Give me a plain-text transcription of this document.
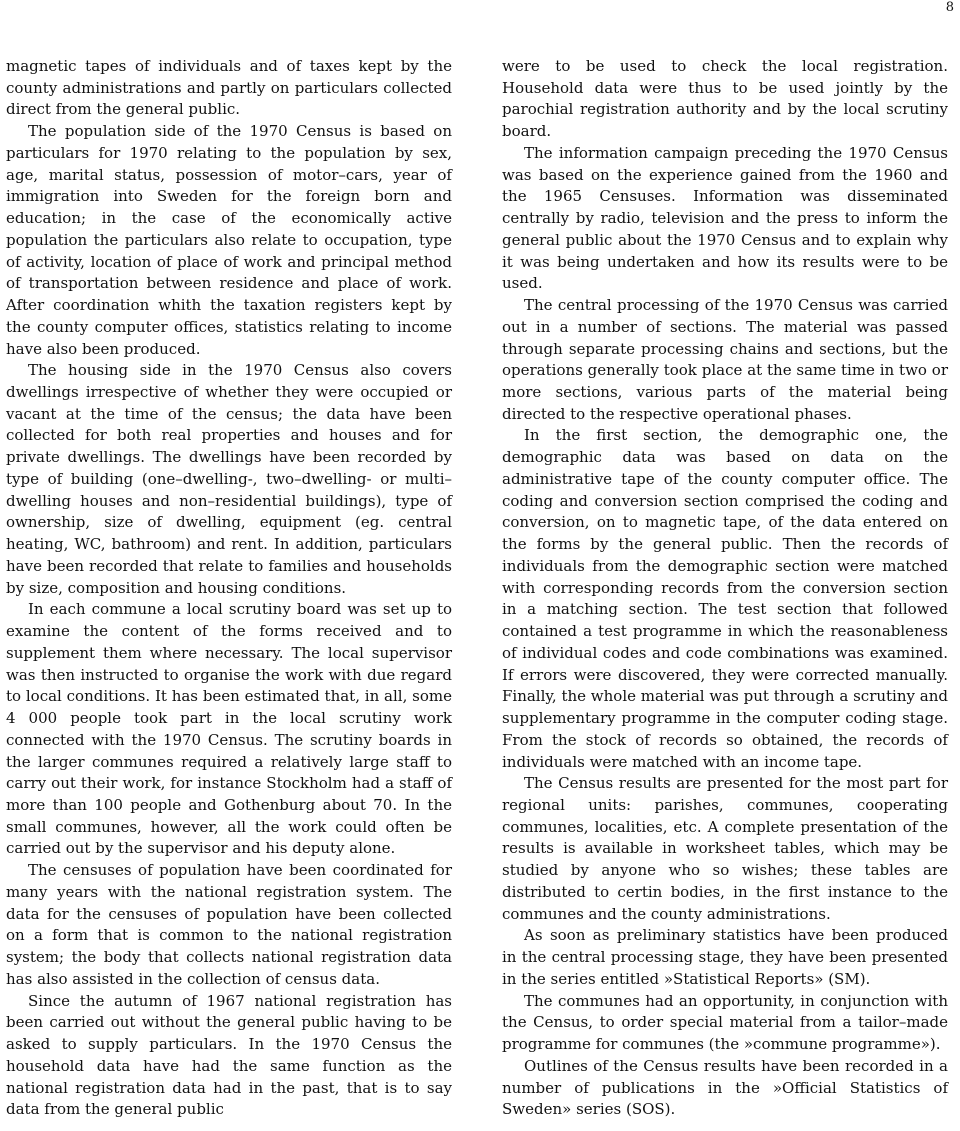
8

magnetic tapes of individuals and of taxes kept by the county administrations and partly on particulars collected direct from the general public.

The population side of the 1970 Census is based on particulars for 1970 relating to the population by sex, age, marital status, possession of motor–cars, year of immigration into Sweden for the foreign born and education; in the case of the economically active population the particulars also relate to occupation, type of activity, location of place of work and principal method of transportation between residence and place of work. After coordination whith the taxation registers kept by the county computer offices, statistics relating to income have also been produced.

The housing side in the 1970 Census also covers dwellings irrespective of whether they were occupied or vacant at the time of the census; the data have been collected for both real properties and houses and for private dwellings. The dwellings have been recorded by type of building (one–dwelling-, two–dwelling- or multi–dwelling houses and non–residential buildings), type of ownership, size of dwelling, equipment (eg. central heating, WC, bathroom) and rent. In addition, particulars have been recorded that relate to families and households by size, composition and housing conditions.

In each commune a local scrutiny board was set up to examine the content of the forms received and to supplement them where necessary. The local supervisor was then instructed to organise the work with due regard to local conditions. It has been estimated that, in all, some 4 000 people took part in the local scrutiny work connected with the 1970 Census. The scrutiny boards in the larger communes required a relatively large staff to carry out their work, for instance Stockholm had a staff of more than 100 people and Gothenburg about 70. In the small communes, however, all the work could often be carried out by the supervisor and his deputy alone.

The censuses of population have been coordinated for many years with the national registration system. The data for the censuses of population have been collected on a form that is common to the national registration system; the body that collects national registration data has also assisted in the collection of census data.

Since the autumn of 1967 national registration has been carried out without the general public having to be asked to supply particulars. In the 1970 Census the household data have had the same function as the national registration data had in the past, that is to say data from the general public

were to be used to check the local registration. Household data were thus to be used jointly by the parochial registration authority and by the local scrutiny board.

The information campaign preceding the 1970 Census was based on the experience gained from the 1960 and the 1965 Censuses. Information was disseminated centrally by radio, television and the press to inform the general public about the 1970 Census and to explain why it was being undertaken and how its results were to be used.

The central processing of the 1970 Census was carried out in a number of sections. The material was passed through separate processing chains and sections, but the operations generally took place at the same time in two or more sections, various parts of the material being directed to the respective operational phases.

In the first section, the demographic one, the demographic data was based on data on the administrative tape of the county computer office. The coding and conversion section comprised the coding and conversion, on to magnetic tape, of the data entered on the forms by the general public. Then the records of individuals from the demographic section were matched with corresponding records from the conversion section in a matching section. The test section that followed contained a test programme in which the reasonableness of individual codes and code combinations was examined. If errors were discovered, they were corrected manually. Finally, the whole material was put through a scrutiny and supplementary programme in the computer coding stage. From the stock of records so obtained, the records of individuals were matched with an income tape.

The Census results are presented for the most part for regional units: parishes, communes, cooperating communes, localities, etc. A complete presentation of the results is available in worksheet tables, which may be studied by anyone who so wishes; these tables are distributed to certin bodies, in the first instance to the communes and the county administrations.

As soon as preliminary statistics have been produced in the central processing stage, they have been presented in the series entitled »Statistical Reports» (SM).

The communes had an opportunity, in conjunction with the Census, to order special material from a tailor–made programme for communes (the »commune programme»).

Outlines of the Census results have been recorded in a number of publications in the »Official Statistics of Sweden» series (SOS).
